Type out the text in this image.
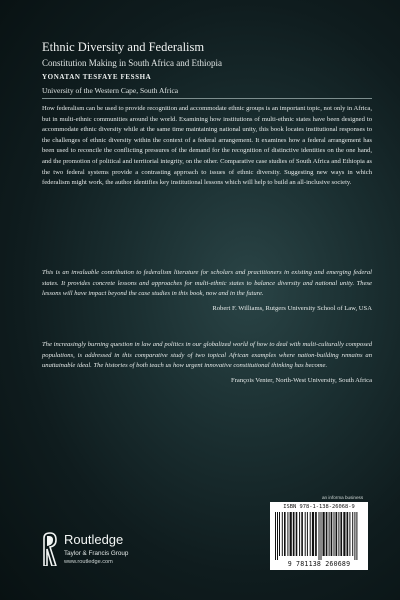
Ethnic Diversity and Federalism
Constitution Making in South Africa and Ethiopia
YONATAN TESFAYE FESSHA
University of the Western Cape, South Africa
How federalism can be used to provide recognition and accommodate ethnic groups is an important topic, not only in Africa, but in multi-ethnic communities around the world. Examining how institutions of multi-ethnic states have been designed to accommodate ethnic diversity while at the same time maintaining national unity, this book locates institutional responses to the challenges of ethnic diversity within the context of a federal arrangement. It examines how a federal arrangement has been used to reconcile the conflicting pressures of the demand for the recognition of distinctive identities on the one hand, and the promotion of political and territorial integrity, on the other. Comparative case studies of South Africa and Ethiopia as the two federal systems provide a contrasting approach to issues of ethnic diversity. Suggesting new ways in which federalism might work, the author identifies key institutional lessons which will help to build an all-inclusive society.
This is an invaluable contribution to federalism literature for scholars and practitioners in existing and emerging federal states. It provides concrete lessons and approaches for multi-ethnic states to balance diversity and national unity. These lessons will have impact beyond the case studies in this book, now and in the future.
Robert F. Williams, Rutgers University School of Law, USA
The increasingly burning question in law and politics in our globalized world of how to deal with multi-culturally composed populations, is addressed in this comparative study of two topical African examples where nation-building remains an unattainable ideal. The histories of both teach us how urgent innovative constitutional thinking has become.
François Venter, North-West University, South Africa
Routledge
Taylor & Francis Group
www.routledge.com
an informa business
ISBN 978-1-138-26068-9
9 781138 260689
